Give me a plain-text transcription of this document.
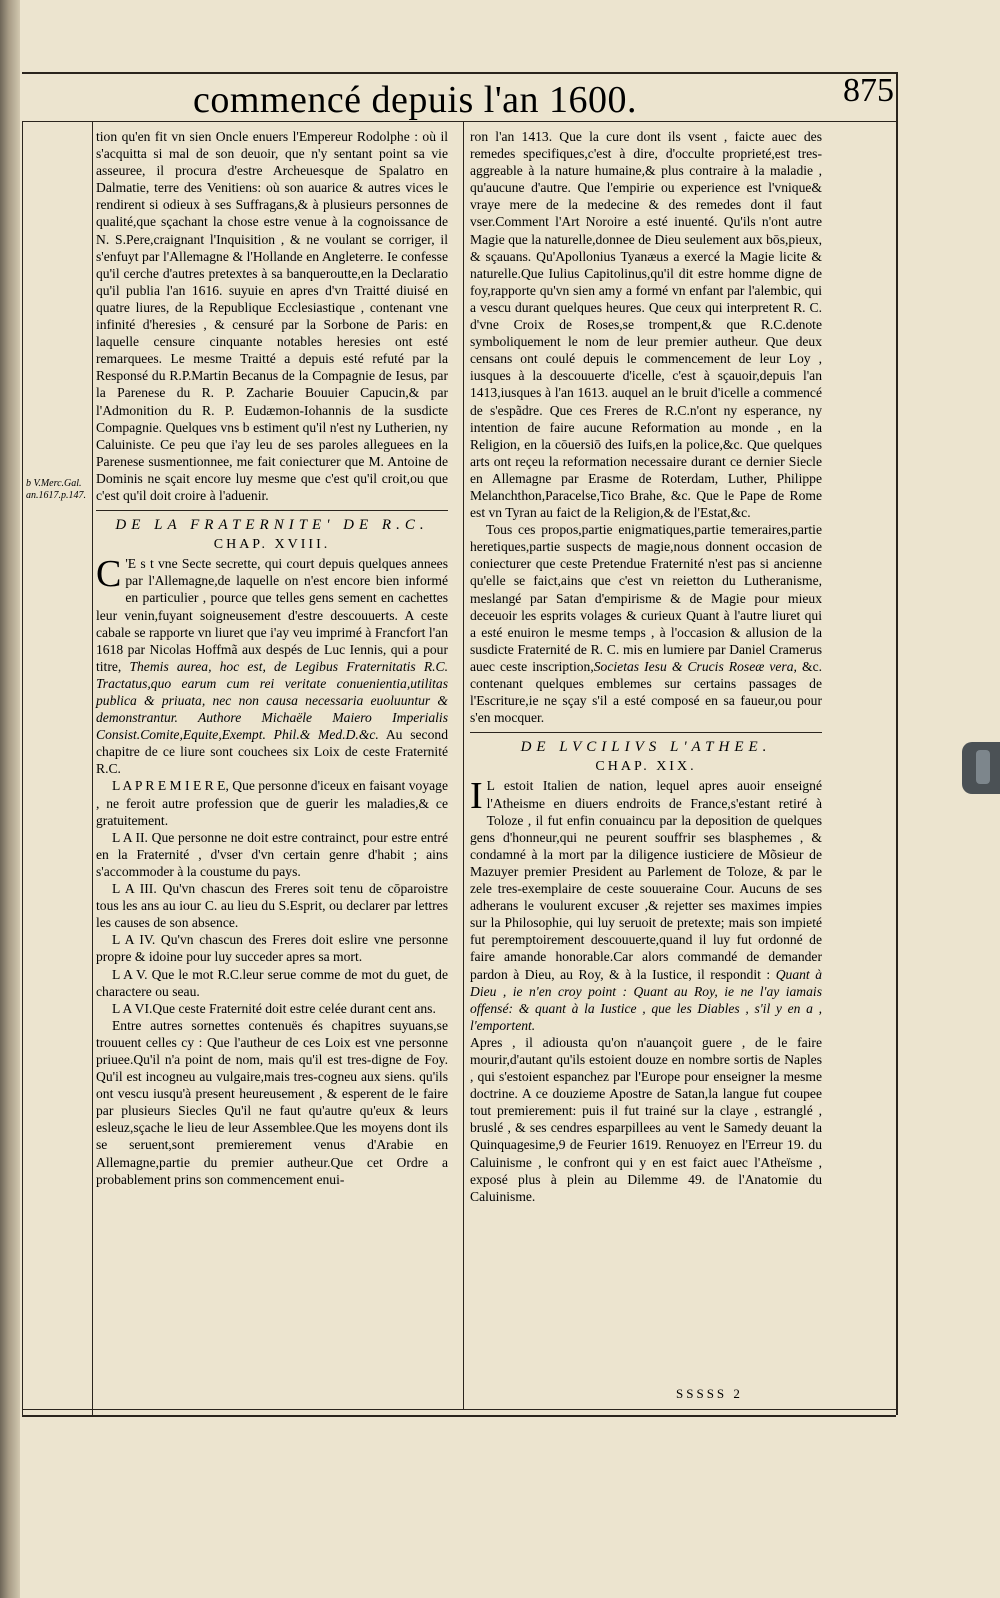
commencé depuis l'an 1600.	875
b V.Merc.Gal. an.1617.p.147.

tion qu'en fit vn sien Oncle enuers l'Empereur Rodolphe : où il s'acquitta si mal de son deuoir, que n'y sentant point sa vie asseuree, il procura d'estre Archeuesque de Spalatro en Dalmatie, terre des Venitiens: où son auarice & autres vices le rendirent si odieux à ses Suffragans,& à plusieurs personnes de qualité,que sçachant la chose estre venue à la cognoissance de N. S.Pere,craignant l'Inquisition , & ne voulant se corriger, il s'enfuyt par l'Allemagne & l'Hollande en Angleterre. Ie confesse qu'il cerche d'autres pretextes à sa banqueroutte,en la Declaratio qu'il publia l'an 1616. suyuie en apres d'vn Traitté diuisé en quatre liures, de la Republique Ecclesiastique , contenant vne infinité d'heresies , & censuré par la Sorbone de Paris: en laquelle censure cinquante notables heresies ont esté remarquees. Le mesme Traitté a depuis esté refuté par la Responsé du R.P.Martin Becanus de la Compagnie de Iesus, par la Parenese du R. P. Zacharie Bouuier Capucin,& par l'Admonition du R. P. Eudæmon-Iohannis de la susdicte Compagnie. Quelques vns b estiment qu'il n'est ny Lutherien, ny Caluiniste. Ce peu que i'ay leu de ses paroles alleguees en la Parenese susmentionnee, me fait coniecturer que M. Antoine de Dominis ne sçait encore luy mesme que c'est qu'il croit,ou que c'est qu'il doit croire à l'aduenir.

DE LA FRATERNITE' DE R.C.
CHAP. XVIII.

C 'E s t vne Secte secrette, qui court depuis quelques annees par l'Allemagne,de laquelle on n'est encore bien informé en particulier , pource que telles gens sement en cachettes leur venin,fuyant soigneusement d'estre descouuerts. A ceste cabale se rapporte vn liuret que i'ay veu imprimé à Francfort l'an 1618 par Nicolas Hoffmã aux despés de Luc Iennis, qui a pour titre, Themis aurea, hoc est, de Legibus Fraternitatis R.C. Tractatus,quo earum cum rei veritate conuenientia,utilitas publica & priuata, nec non causa necessaria euoluuntur & demonstrantur. Authore Michaële Maiero Imperialis Consist.Comite,Equite,Exempt. Phil.& Med.D.&c. Au second chapitre de ce liure sont couchees six Loix de ceste Fraternité R.C.

L A P R E M I E R E, Que personne d'iceux en faisant voyage , ne feroit autre profession que de guerir les maladies,& ce gratuitement.

L A II. Que personne ne doit estre contrainct, pour estre entré en la Fraternité , d'vser d'vn certain genre d'habit ; ains s'accommoder à la coustume du pays.

L A III. Qu'vn chascun des Freres soit tenu de cōparoistre tous les ans au iour C. au lieu du S.Esprit, ou declarer par lettres les causes de son absence.

L A IV. Qu'vn chascun des Freres doit eslire vne personne propre & idoine pour luy succeder apres sa mort.

L A V. Que le mot R.C.leur serue comme de mot du guet, de charactere ou seau.

L A VI.Que ceste Fraternité doit estre celée durant cent ans.

Entre autres sornettes contenuës és chapitres suyuans,se trouuent celles cy : Que l'autheur de ces Loix est vne personne priuee.Qu'il n'a point de nom, mais qu'il est tres-digne de Foy. Qu'il est incogneu au vulgaire,mais tres-cogneu aux siens. qu'ils ont vescu iusqu'à present heureusement , & esperent de le faire par plusieurs Siecles Qu'il ne faut qu'autre qu'eux & leurs esleuz,sçache le lieu de leur Assemblee.Que les moyens dont ils se seruent,sont premierement venus d'Arabie en Allemagne,partie du premier autheur.Que cet Ordre a probablement prins son commencement enui-

ron l'an 1413. Que la cure dont ils vsent , faicte auec des remedes specifiques,c'est à dire, d'occulte proprieté,est tres-aggreable à la nature humaine,& plus contraire à la maladie , qu'aucune d'autre. Que l'empirie ou experience est l'vnique& vraye mere de la medecine & des remedes dont il faut vser.Comment l'Art Noroire a esté inuenté. Qu'ils n'ont autre Magie que la naturelle,donnee de Dieu seulement aux bōs,pieux, & sçauans. Qu'Apollonius Tyanæus a exercé la Magie licite & naturelle.Que Iulius Capitolinus,qu'il dit estre homme digne de foy,rapporte qu'vn sien amy a formé vn enfant par l'alembic, qui a vescu durant quelques heures. Que ceux qui interpretent R. C. d'vne Croix de Roses,se trompent,& que R.C.denote symboliquement le nom de leur premier autheur. Que deux censans ont coulé depuis le commencement de leur Loy , iusques à la descouuerte d'icelle, c'est à sçauoir,depuis l'an 1413,iusques à l'an 1613. auquel an le bruit d'icelle a commencé de s'espãdre. Que ces Freres de R.C.n'ont ny esperance, ny intention de faire aucune Reformation au monde , en la Religion, en la cōuersiō des Iuifs,en la police,&c. Que quelques arts ont reçeu la reformation necessaire durant ce dernier Siecle en Allemagne par Erasme de Roterdam, Luther, Philippe Melanchthon,Paracelse,Tico Brahe, &c. Que le Pape de Rome est vn Tyran au faict de la Religion,& de l'Estat,&c.

Tous ces propos,partie enigmatiques,partie temeraires,partie heretiques,partie suspects de magie,nous donnent occasion de coniecturer que ceste Pretendue Fraternité n'est pas si ancienne qu'elle se faict,ains que c'est vn reietton du Lutheranisme, meslangé par Satan d'empirisme & de Magie pour mieux deceuoir les esprits volages & curieux Quant à l'autre liuret qui a esté enuiron le mesme temps , à l'occasion & allusion de la susdicte Fraternité de R. C. mis en lumiere par Daniel Cramerus auec ceste inscription,Societas Iesu & Crucis Roseæ vera, &c. contenant quelques emblemes sur certains passages de l'Escriture,ie ne sçay s'il a esté composé en sa faueur,ou pour s'en mocquer.

DE LVCILIVS L'ATHEE.
CHAP. XIX.

I L estoit Italien de nation, lequel apres auoir enseigné l'Atheisme en diuers endroits de France,s'estant retiré à Toloze , il fut enfin conuaincu par la deposition de quelques gens d'honneur,qui ne peurent souffrir ses blasphemes , & condamné à la mort par la diligence iusticiere de Mõsieur de Mazuyer premier President au Parlement de Toloze, & par le zele tres-exemplaire de ceste souueraine Cour. Aucuns de ses adherans le voulurent excuser ,& rejetter ses maximes impies sur la Philosophie, qui luy seruoit de pretexte; mais son impieté fut peremptoirement descouuerte,quand il luy fut ordonné de faire amande honorable.Car alors commandé de demander pardon à Dieu, au Roy, & à la Iustice, il respondit : Quant à Dieu , ie n'en croy point : Quant au Roy, ie ne l'ay iamais offensé: & quant à la Iustice , que les Diables , s'il y en a , l'emportent.

Apres , il adiousta qu'on n'auançoit guere , de le faire mourir,d'autant qu'ils estoient douze en nombre sortis de Naples , qui s'estoient espanchez par l'Europe pour enseigner la mesme doctrine. A ce douzieme Apostre de Satan,la langue fut coupee tout premierement: puis il fut trainé sur la claye , estranglé , bruslé , & ses cendres esparpillees au vent le Samedy deuant la Quinquagesime,9 de Feurier 1619. Renuoyez en l'Erreur 19. du Caluinisme , le confront qui y en est faict auec l'Atheïsme , exposé plus à plein au Dilemme 49. de l'Anatomie du Caluinisme.

SSSSS 2
